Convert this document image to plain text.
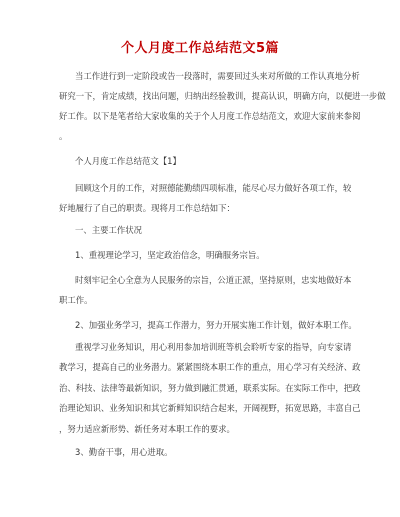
个人月度工作总结范文5篇
当工作进行到一定阶段或告一段落时，需要回过头来对所做的工作认真地分析
研究一下，肯定成绩，找出问题，归纳出经验教训，提高认识，明确方向，以便进一步做
好工作。以下是笔者给大家收集的关于个人月度工作总结范文，欢迎大家前来参阅
。
个人月度工作总结范文【1】
回顾这个月的工作，对照德能勤绩四项标准，能尽心尽力做好各项工作，较
好地履行了自己的职责。现将月工作总结如下：
一、主要工作状况
1、重视理论学习，坚定政治信念，明确服务宗旨。
时刻牢记全心全意为人民服务的宗旨，公道正派，坚持原则，忠实地做好本
职工作。
2、加强业务学习，提高工作潜力，努力开展实施工作计划，做好本职工作。
重视学习业务知识，用心利用参加培训班等机会聆听专家的指导，向专家请
教学习，提高自己的业务潜力。紧紧围绕本职工作的重点，用心学习有关经济、政
治、科技、法律等最新知识，努力做到融汇贯通，联系实际。在实际工作中，把政
治理论知识、业务知识和其它新鲜知识结合起来，开阔视野，拓宽思路，丰富自己
，努力适应新形势、新任务对本职工作的要求。
3、勤奋干事，用心进取。
